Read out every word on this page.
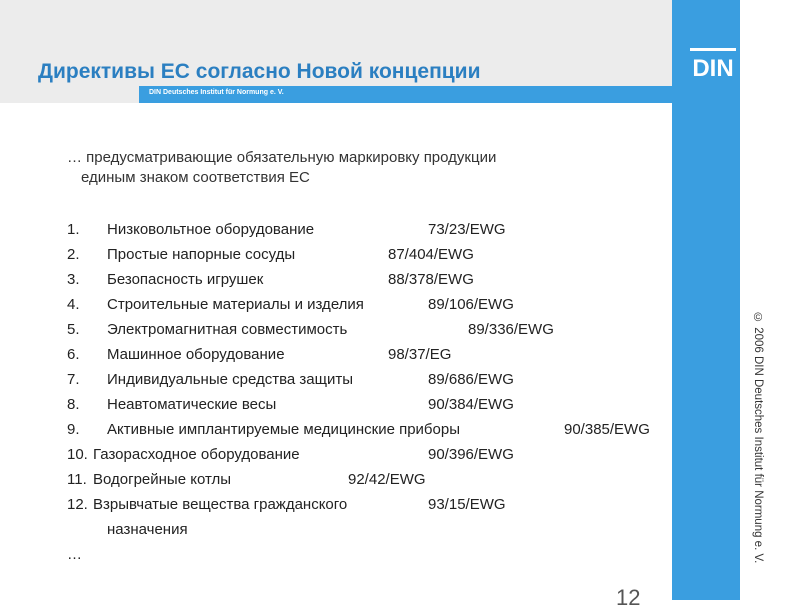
Директивы ЕС согласно Новой концепции
DIN Deutsches Institut für Normung e. V.
DIN
© 2006 DIN Deutsches Institut für Normung e. V.
… предусматривающие обязательную маркировку продукции
единым знаком соответствия ЕС
1. Низковольтное оборудование	73/23/EWG
2. Простые напорные сосуды	87/404/EWG
3. Безопасность игрушек	88/378/EWG
4. Строительные материалы и изделия	89/106/EWG
5. Электромагнитная совместимость	89/336/EWG
6. Машинное оборудование	98/37/EG
7. Индивидуальные средства защиты	89/686/EWG
8. Неавтоматические весы	90/384/EWG
9. Активные имплантируемые медицинские приборы	90/385/EWG
10. Газорасходное оборудование	90/396/EWG
11. Водогрейные котлы	92/42/EWG
12. Взрывчатые вещества гражданского	93/15/EWG
назначения
…
12
